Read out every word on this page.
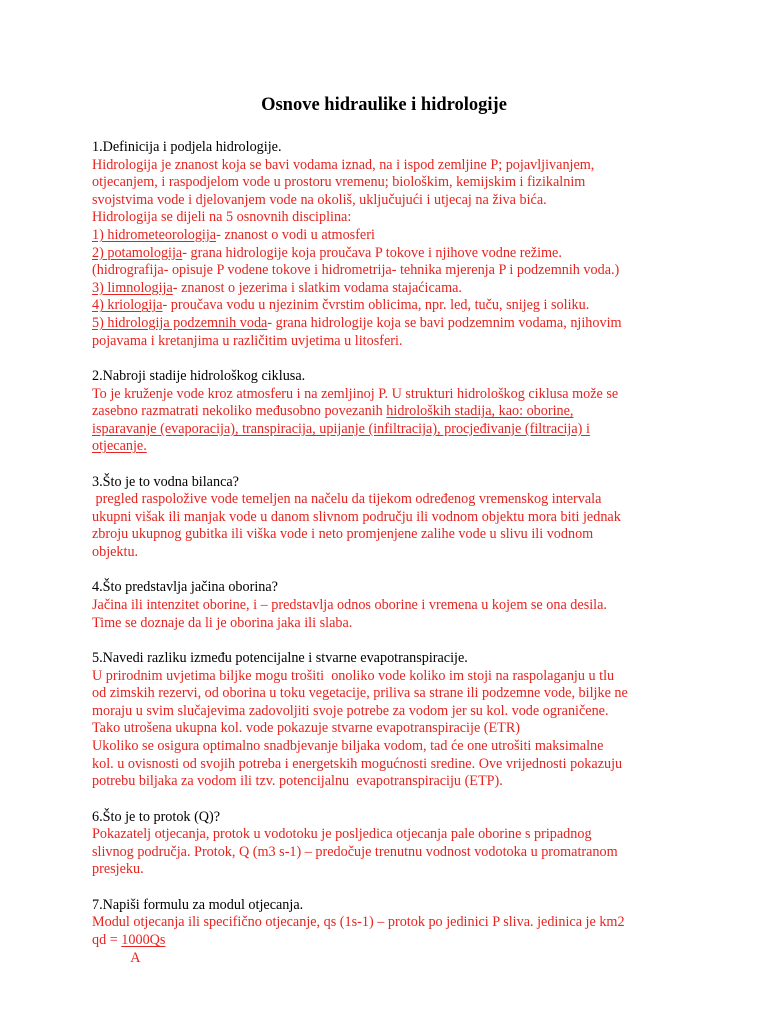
Osnove hidraulike i hidrologije
1.Definicija i podjela hidrologije.
Hidrologija je znanost koja se bavi vodama iznad, na i ispod zemljine P; pojavljivanjem,
otjecanjem, i raspodjelom vode u prostoru vremenu; biološkim, kemijskim i fizikalnim
svojstvima vode i djelovanjem vode na okoliš, uključujući i utjecaj na živa bića.
Hidrologija se dijeli na 5 osnovnih disciplina:
1) hidrometeorologija- znanost o vodi u atmosferi
2) potamologija- grana hidrologije koja proučava P tokove i njihove vodne režime.
(hidrografija- opisuje P vodene tokove i hidrometrija- tehnika mjerenja P i podzemnih voda.)
3) limnologija- znanost o jezerima i slatkim vodama stajaćicama.
4) kriologija- proučava vodu u njezinim čvrstim oblicima, npr. led, tuču, snijeg i soliku.
5) hidrologija podzemnih voda- grana hidrologije koja se bavi podzemnim vodama, njihovim
pojavama i kretanjima u različitim uvjetima u litosferi.
2.Nabroji stadije hidrološkog ciklusa.
To je kruženje vode kroz atmosferu i na zemljinoj P. U strukturi hidrološkog ciklusa može se
zasebno razmatrati nekoliko međusobno povezanih hidroloških stadija, kao: oborine,
isparavanje (evaporacija), transpiracija, upijanje (infiltracija), procjeđivanje (filtracija) i
otjecanje.
3.Što je to vodna bilanca?
pregled raspoložive vode temeljen na načelu da tijekom određenog vremenskog intervala
ukupni višak ili manjak vode u danom slivnom području ili vodnom objektu mora biti jednak
zbroju ukupnog gubitka ili viška vode i neto promjenjene zalihe vode u slivu ili vodnom
objektu.
4.Što predstavlja jačina oborina?
Jačina ili intenzitet oborine, i – predstavlja odnos oborine i vremena u kojem se ona desila.
Time se doznaje da li je oborina jaka ili slaba.
5.Navedi razliku između potencijalne i stvarne evapotranspiracije.
U prirodnim uvjetima biljke mogu trošiti  onoliko vode koliko im stoji na raspolaganju u tlu
od zimskih rezervi, od oborina u toku vegetacije, priliva sa strane ili podzemne vode, biljke ne
moraju u svim slučajevima zadovoljiti svoje potrebe za vodom jer su kol. vode ograničene.
Tako utrošena ukupna kol. vode pokazuje stvarne evapotranspiracije (ETR)
Ukoliko se osigura optimalno snadbjevanje biljaka vodom, tad će one utrošiti maksimalne
kol. u ovisnosti od svojih potreba i energetskih mogućnosti sredine. Ove vrijednosti pokazuju
potrebu biljaka za vodom ili tzv. potencijalnu  evapotranspiraciju (ETP).
6.Što je to protok (Q)?
Pokazatelj otjecanja, protok u vodotoku je posljedica otjecanja pale oborine s pripadnog
slivnog područja. Protok, Q (m3 s-1) – predočuje trenutnu vodnost vodotoka u promatranom
presjeku.
7.Napiši formulu za modul otjecanja.
Modul otjecanja ili specifično otjecanje, qs (1s-1) – protok po jedinici P sliva. jedinica je km2
qd = 1000Qs
A
